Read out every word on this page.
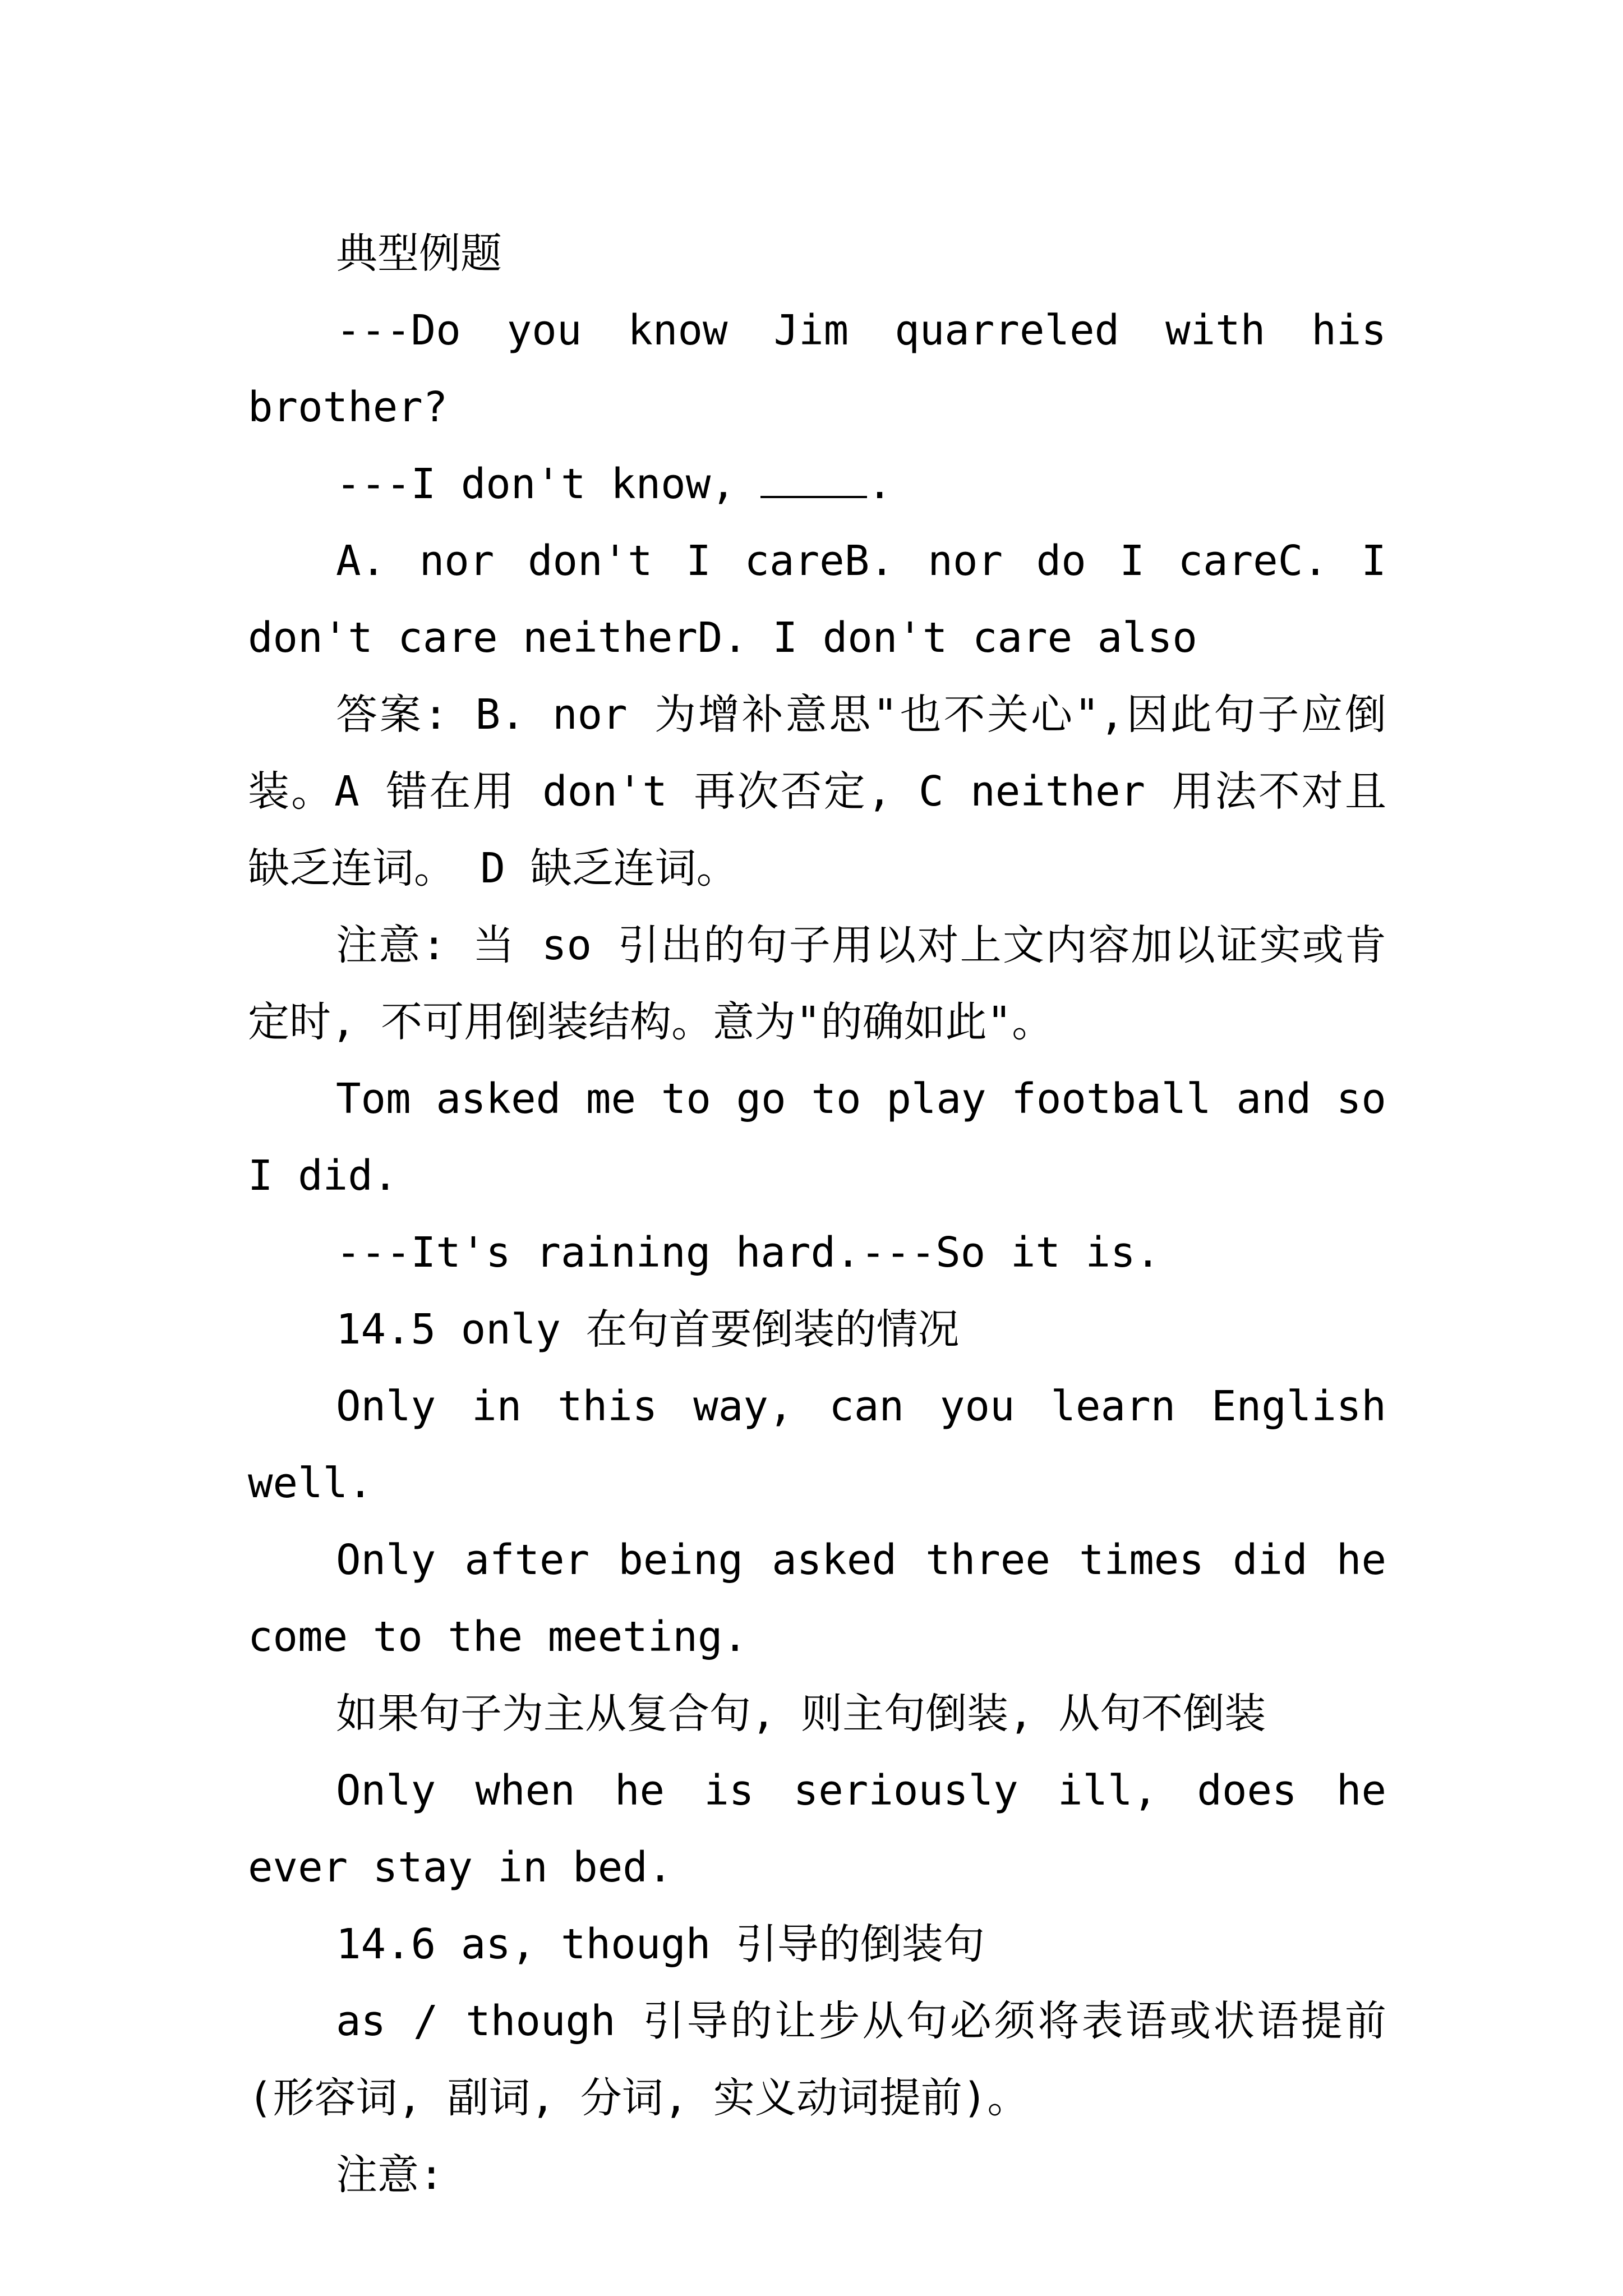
典型例题

---Do you know Jim quarreled with his brother?

---I don't know,	.

A. nor don't I careB. nor do I careC. I don't care neitherD. I don't care also

答案: B. nor 为增补意思"也不关心",因此句子应倒装。A 错在用 don't 再次否定, C neither 用法不对且缺乏连词。 D 缺乏连词。

注意: 当 so 引出的句子用以对上文内容加以证实或肯定时, 不可用倒装结构。意为"的确如此"。

Tom asked me to go to play football and so I did.

---It's raining hard.---So it is.

14.5 only 在句首要倒装的情况

Only in this way, can you learn English well.

Only after being asked three times did he come to the meeting.

如果句子为主从复合句, 则主句倒装, 从句不倒装

Only when he is seriously ill, does he ever stay in bed.

14.6 as, though 引导的倒装句

as / though 引导的让步从句必须将表语或状语提前(形容词, 副词, 分词, 实义动词提前)。

注意:
